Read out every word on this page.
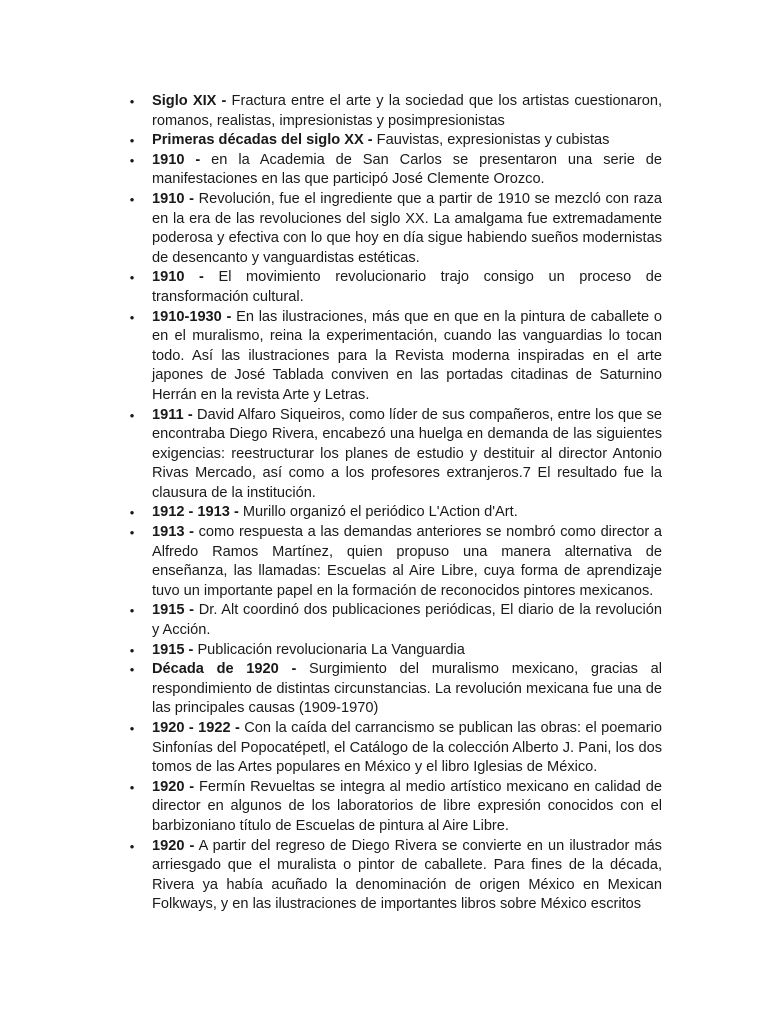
• Siglo XIX - Fractura entre el arte y la sociedad que los artistas cuestionaron, romanos, realistas, impresionistas y posimpresionistas
• Primeras décadas del siglo XX - Fauvistas, expresionistas y cubistas
• 1910 - en la Academia de San Carlos se presentaron una serie de manifestaciones en las que participó José Clemente Orozco.
• 1910 - Revolución, fue el ingrediente que a partir de 1910 se mezcló con raza en la era de las revoluciones del siglo XX. La amalgama fue extremadamente poderosa y efectiva con lo que hoy en día sigue habiendo sueños modernistas de desencanto y vanguardistas estéticas.
• 1910 - El movimiento revolucionario trajo consigo un proceso de transformación cultural.
• 1910-1930 - En las ilustraciones, más que en que en la pintura de caballete o en el muralismo, reina la experimentación, cuando las vanguardias lo tocan todo. Así las ilustraciones para la Revista moderna inspiradas en el arte japones de José Tablada conviven en las portadas citadinas de Saturnino Herrán en la revista Arte y Letras.
• 1911 - David Alfaro Siqueiros, como líder de sus compañeros, entre los que se encontraba Diego Rivera, encabezó una huelga en demanda de las siguientes exigencias: reestructurar los planes de estudio y destituir al director Antonio Rivas Mercado, así como a los profesores extranjeros.7 El resultado fue la clausura de la institución.
• 1912 - 1913 - Murillo organizó el periódico L'Action d'Art.
• 1913 - como respuesta a las demandas anteriores se nombró como director a Alfredo Ramos Martínez, quien propuso una manera alternativa de enseñanza, las llamadas: Escuelas al Aire Libre, cuya forma de aprendizaje tuvo un importante papel en la formación de reconocidos pintores mexicanos.
• 1915 - Dr. Alt coordinó dos publicaciones periódicas, El diario de la revolución y Acción.
• 1915 - Publicación revolucionaria La Vanguardia
• Década de 1920 - Surgimiento del muralismo mexicano, gracias al respondimiento de distintas circunstancias. La revolución mexicana fue una de las principales causas (1909-1970)
• 1920 - 1922 - Con la caída del carrancismo se publican las obras: el poemario Sinfonías del Popocatépetl, el Catálogo de la colección Alberto J. Pani, los dos tomos de las Artes populares en México y el libro Iglesias de México.
• 1920 - Fermín Revueltas se integra al medio artístico mexicano en calidad de director en algunos de los laboratorios de libre expresión conocidos con el barbizoniano título de Escuelas de pintura al Aire Libre.
• 1920 - A partir del regreso de Diego Rivera se convierte en un ilustrador más arriesgado que el muralista o pintor de caballete. Para fines de la década, Rivera ya había acuñado la denominación de origen México en Mexican Folkways, y en las ilustraciones de importantes libros sobre México escritos
